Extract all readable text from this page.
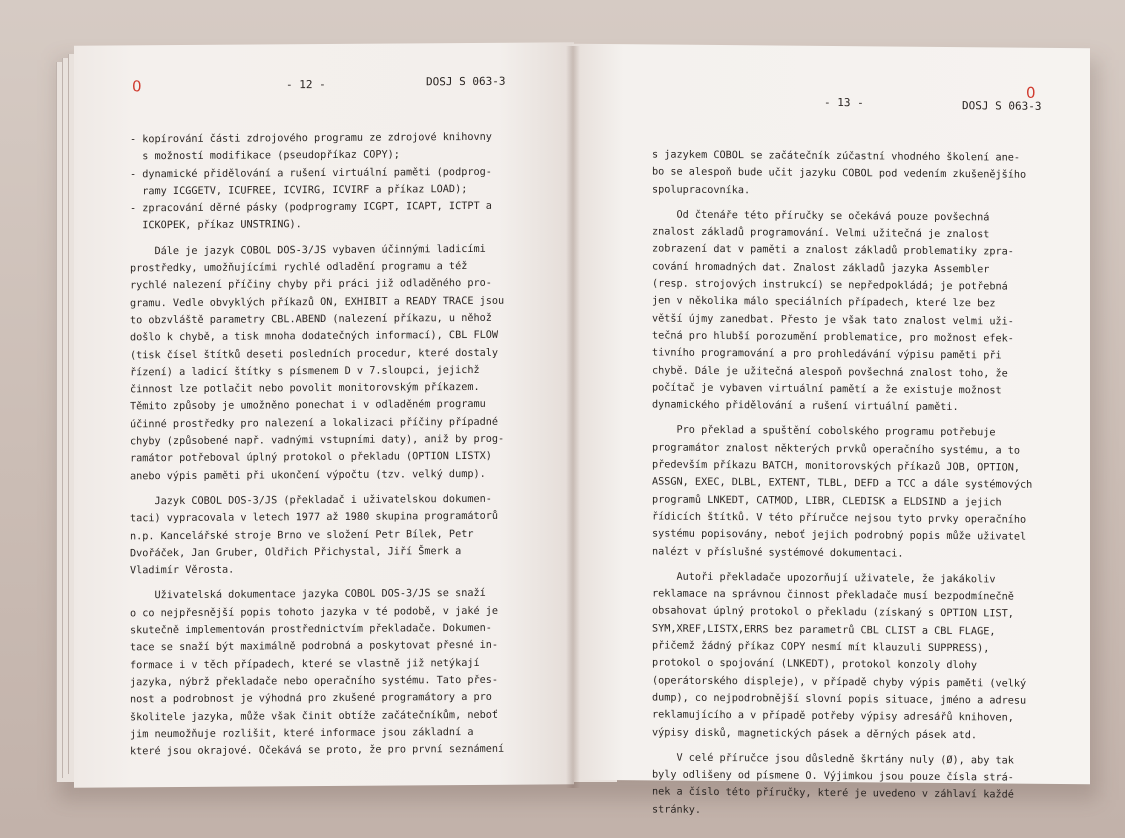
0	- 12 -	DOSJ S 063-3

- kopírování části zdrojového programu ze zdrojové knihovny
s možností modifikace (pseudopříkaz COPY);
- dynamické přidělování a rušení virtuální paměti (podprog-
ramy ICGGETV, ICUFREE, ICVIRG, ICVIRF a příkaz LOAD);
- zpracování děrné pásky (podprogramy ICGPT, ICAPT, ICTPT a
ICKOPEK, příkaz UNSTRING).

Dále je jazyk COBOL DOS-3/JS vybaven účinnými ladicími
prostředky, umožňujícími rychlé odladění programu a též
rychlé nalezení příčiny chyby při práci již odladěného pro-
gramu. Vedle obvyklých příkazů ON, EXHIBIT a READY TRACE jsou
to obzvláště parametry CBL.ABEND (nalezení příkazu, u něhož
došlo k chybě, a tisk mnoha dodatečných informací), CBL FLOW
(tisk čísel štítků deseti posledních procedur, které dostaly
řízení) a ladicí štítky s písmenem D v 7.sloupci, jejichž
činnost lze potlačit nebo povolit monitorovským příkazem.
Těmito způsoby je umožněno ponechat i v odladěném programu
účinné prostředky pro nalezení a lokalizaci příčiny případné
chyby (způsobené např. vadnými vstupními daty), aniž by prog-
ramátor potřeboval úplný protokol o překladu (OPTION LISTX)
anebo výpis paměti při ukončení výpočtu (tzv. velký dump).

Jazyk COBOL DOS-3/JS (překladač i uživatelskou dokumen-
taci) vypracovala v letech 1977 až 1980 skupina programátorů
n.p. Kancelářské stroje Brno ve složení Petr Bílek, Petr
Dvořáček, Jan Gruber, Oldřich Přichystal, Jiří Šmerk a
Vladimír Věrosta.

Uživatelská dokumentace jazyka COBOL DOS-3/JS se snaží
o co nejpřesnější popis tohoto jazyka v té podobě, v jaké je
skutečně implementován prostřednictvím překladače. Dokumen-
tace se snaží být maximálně podrobná a poskytovat přesné in-
formace i v těch případech, které se vlastně již netýkají
jazyka, nýbrž překladače nebo operačního systému. Tato přes-
nost a podrobnost je výhodná pro zkušené programátory a pro
školitele jazyka, může však činit obtíže začátečníkům, neboť
jim neumožňuje rozlišit, které informace jsou základní a
které jsou okrajové. Očekává se proto, že pro první seznámení

- 13 -	DOSJ S 063-3
0

s jazykem COBOL se začátečník zúčastní vhodného školení ane-
bo se alespoň bude učit jazyku COBOL pod vedením zkušenějšího
spolupracovníka.

Od čtenáře této příručky se očekává pouze povšechná
znalost základů programování. Velmi užitečná je znalost
zobrazení dat v paměti a znalost základů problematiky zpra-
cování hromadných dat. Znalost základů jazyka Assembler
(resp. strojových instrukcí) se nepředpokládá; je potřebná
jen v několika málo speciálních případech, které lze bez
větší újmy zanedbat. Přesto je však tato znalost velmi uži-
tečná pro hlubší porozumění problematice, pro možnost efek-
tivního programování a pro prohledávání výpisu paměti při
chybě. Dále je užitečná alespoň povšechná znalost toho, že
počítač je vybaven virtuální pamětí a že existuje možnost
dynamického přidělování a rušení virtuální paměti.

Pro překlad a spuštění cobolského programu potřebuje
programátor znalost některých prvků operačního systému, a to
především příkazu BATCH, monitorovských příkazů JOB, OPTION,
ASSGN, EXEC, DLBL, EXTENT, TLBL, DEFD a TCC a dále systémových
programů LNKEDT, CATMOD, LIBR, CLEDISK a ELDSIND a jejich
řídicích štítků. V této příručce nejsou tyto prvky operačního
systému popisovány, neboť jejich podrobný popis může uživatel
nalézt v příslušné systémové dokumentaci.

Autoři překladače upozorňují uživatele, že jakákoliv
reklamace na správnou činnost překladače musí bezpodmínečně
obsahovat úplný protokol o překladu (získaný s OPTION LIST,
SYM,XREF,LISTX,ERRS bez parametrů CBL CLIST a CBL FLAGE,
přičemž žádný příkaz COPY nesmí mít klauzuli SUPPRESS),
protokol o spojování (LNKEDT), protokol konzoly dlohy
(operátorského displeje), v případě chyby výpis paměti (velký
dump), co nejpodrobnější slovní popis situace, jméno a adresu
reklamujícího a v případě potřeby výpisy adresářů knihoven,
výpisy disků, magnetických pásek a děrných pásek atd.

V celé příručce jsou důsledně škrtány nuly (Ø), aby tak
byly odlišeny od písmene O. Výjimkou jsou pouze čísla strá-
nek a číslo této příručky, které je uvedeno v záhlaví každé
stránky.
